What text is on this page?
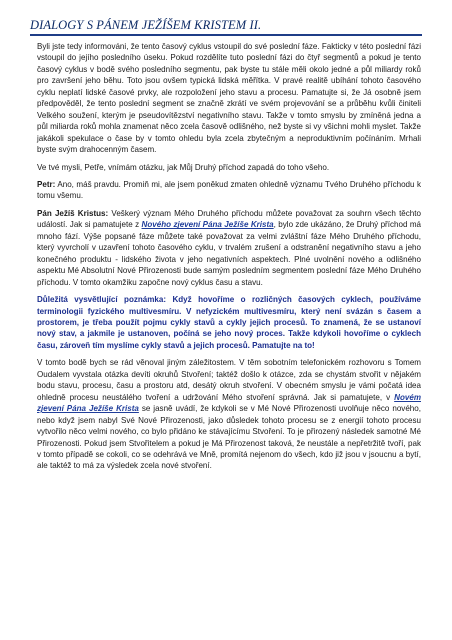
DIALOGY S PÁNEM JEŽÍŠEM KRISTEM II.

Byli jste tedy informováni, že tento časový cyklus vstoupil do své poslední fáze. Fakticky v této poslední fázi vstoupil do jejího posledního úseku. Pokud rozdělíte tuto poslední fázi do čtyř segmentů a pokud je tento časový cyklus v bodě svého posledního segmentu, pak byste tu stále měli okolo jedné a půl miliardy roků pro završení jeho běhu. Toto jsou ovšem typická lidská měřítka. V pravé realitě ubíhání tohoto časového cyklu neplatí lidské časové prvky, ale rozpoložení jeho stavu a procesu. Pamatujte si, že Já osobně jsem předpověděl, že tento poslední segment se značně zkrátí ve svém projevování se a průběhu kvůli činiteli Velkého soužení, kterým je pseudovítězství negativního stavu. Takže v tomto smyslu by zmíněná jedna a půl miliarda roků mohla znamenat něco zcela časově odlišného, než byste si vy všichni mohli myslet. Takže jakákoli spekulace o čase by v tomto ohledu byla zcela zbytečným a neproduktivním počínáním. Mrhali byste svým drahocenným časem.

Ve tvé mysli, Petře, vnímám otázku, jak Můj Druhý příchod zapadá do toho všeho.

Petr: Ano, máš pravdu. Promiň mi, ale jsem poněkud zmaten ohledně významu Tvého Druhého příchodu k tomu všemu.

Pán Ježíš Kristus: Veškerý význam Mého Druhého příchodu můžete považovat za souhrn všech těchto událostí. Jak si pamatujete z Nového zjevení Pána Ježíše Krista, bylo zde ukázáno, že Druhý příchod má mnoho fází. Výše popsané fáze můžete také považovat za velmi zvláštní fáze Mého Druhého příchodu, který vyvrcholí v uzavření tohoto časového cyklu, v trvalém zrušení a odstranění negativního stavu a jeho konečného produktu - lidského života v jeho negativních aspektech. Plné uvolnění nového a odlišného aspektu Mé Absolutní Nové Přirozenosti bude samým posledním segmentem poslední fáze Mého Druhého příchodu. V tomto okamžiku započne nový cyklus času a stavu.

Důležitá vysvětlující poznámka: Když hovoříme o rozličných časových cyklech, používáme terminologii fyzického multivesmíru. V nefyzickém multivesmíru, který není svázán s časem a prostorem, je třeba použít pojmu cykly stavů a cykly jejich procesů. To znamená, že se ustanoví nový stav, a jakmile je ustanoven, počíná se jeho nový proces. Takže kdykoli hovoříme o cyklech času, zároveň tím myslíme cykly stavů a jejich procesů. Pamatujte na to!

V tomto bodě bych se rád věnoval jiným záležitostem. V těm sobotním telefonickém rozhovoru s Tomem Oudalem vyvstala otázka devíti okruhů Stvoření; taktéž došlo k otázce, zda se chystám stvořit v nějakém bodu stavu, procesu, času a prostoru atd, desátý okruh stvoření. V obecném smyslu je vámi počatá idea ohledně procesu neustálého tvoření a udržování Mého stvoření správná. Jak si pamatujete, v Novém zjevení Pána Ježíše Krista se jasně uvádí, že kdykoli se v Mé Nové Přirozenosti uvolňuje něco nového, nebo když jsem nabyl Své Nové Přirozenosti, jako důsledek tohoto procesu se z energií tohoto procesu vytvořilo něco velmi nového, co bylo přidáno ke stávajícímu Stvoření. To je přirozený následek samotné Mé Přirozenosti. Pokud jsem Stvořitelem a pokud je Má Přirozenost taková, že neustále a nepřetržitě tvoří, pak v tomto případě se cokoli, co se odehrává ve Mně, promítá nejenom do všech, kdo již jsou v jsoucnu a bytí, ale taktéž to má za výsledek zcela nové stvoření.
